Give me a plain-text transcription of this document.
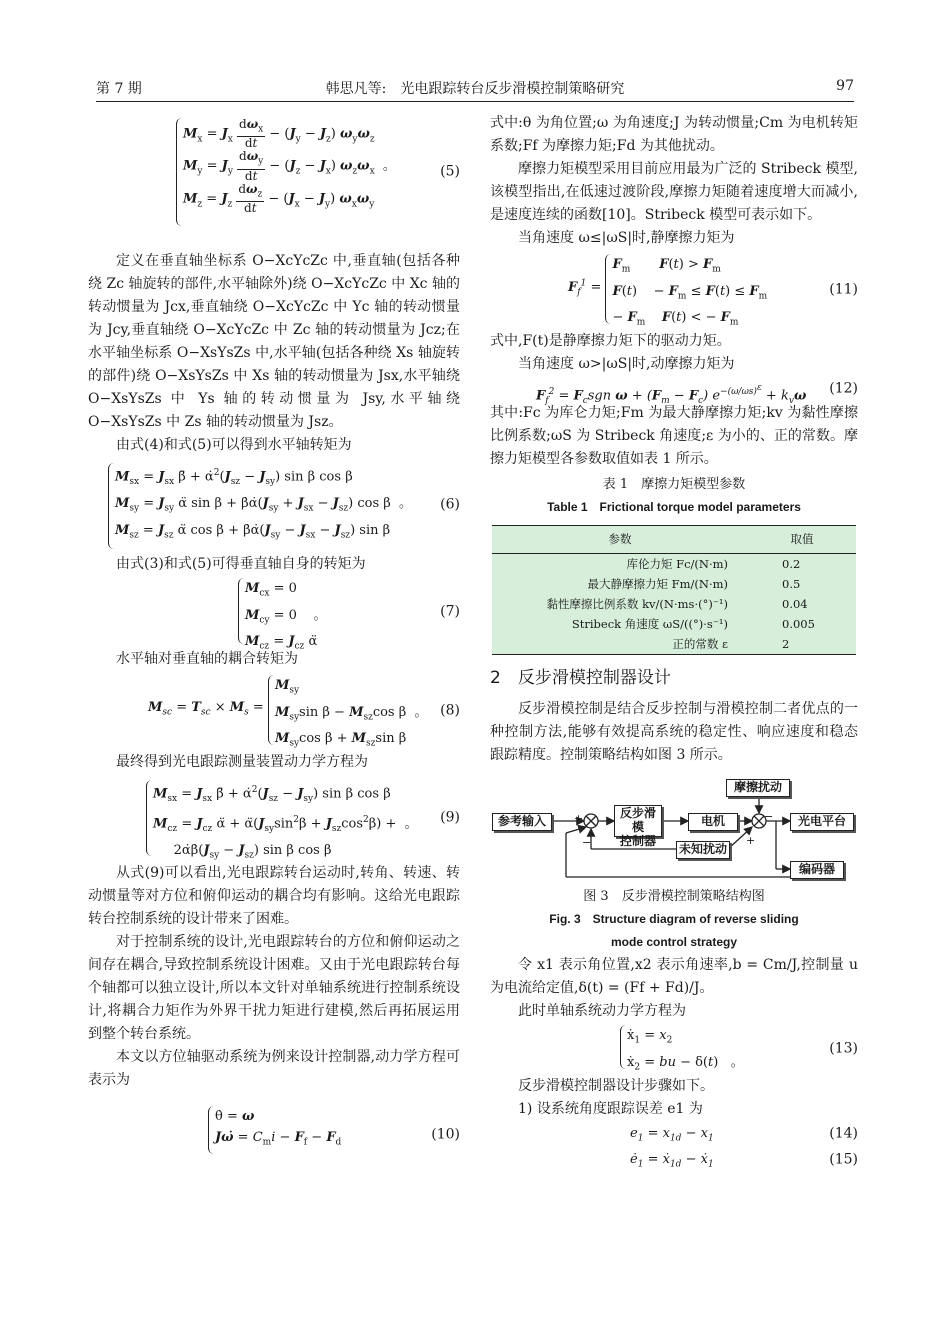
第 7 期	韩思凡等:　光电跟踪转台反步滑模控制策略研究	97
$M_x = J_x \frac{d\omega_x}{dt} - (J_y - J_z)$ $\omega_y\omega_z$
$M_y = J_y \frac{d\omega_y}{dt} - (J_z - J_x)$ $\omega_z\omega_x$ 。
$M_z = J_z \frac{d\omega_z}{dt} - (J_x - J_y)$ $\omega_x\omega_y$
(5)

定义在垂直轴坐标系 O−XcYcZc 中,垂直轴(包括各种绕 Zc 轴旋转的部件,水平轴除外)绕 O−XcYcZc 中 Xc 轴的转动惯量为 Jcx,垂直轴绕 O−XcYcZc 中 Yc 轴的转动惯量为 Jcy,垂直轴绕 O−XcYcZc 中 Zc 轴的转动惯量为 Jcz;在水平轴坐标系 O−XsYsZs 中,水平轴(包括各种绕 Xs 轴旋转的部件)绕 O−XsYsZs 中 Xs 轴的转动惯量为 Jsx,水平轴绕 O−XsYsZs 中 Ys 轴的转动惯量为 Jsy,水平轴绕 O−XsYsZs 中 Zs 轴的转动惯量为 Jsz。

由式(4)和式(5)可以得到水平轴转矩为

$M_{sx} = J_{sx}$ β̈ + $\alphȧ^2(J_{sz} - J_{sy})$ sin β cos β
$M_{sy} = J_{sy}$ α̈ $\sin \beta + \betȧ\alphȧ(J_{sy} + J_{sx} - J_{sz})$ cos β  。
$M_{sz} = J_{sz}$ α̈ $\cos \beta + \betȧ\alphȧ(J_{sy} - J_{sx} - J_{sz})$ sin β
(6)

由式(3)和式(5)可得垂直轴自身的转矩为

$M_{cx} = 0$
$M_{cy} = 0$    。
$M_{cz} = J_{cz}$ α̈
(7)

水平轴对垂直轴的耦合转矩为

$M_{sc} = T_{sc} \times M_s$ =
$M_{sy}$
$M_{sy}\sin$ $\beta - M_{sz}\cos$ β  。
$M_{sy}\cos$ $\beta + M_{sz}\sin$ β
(8)

最终得到光电跟踪测量装置动力学方程为

$M_{sx} = J_{sx}$ β̈ + $\alphȧ^2(J_{sz} - J_{sy})$ sin β cos β
$M_{cz} = J_{cz}$ α̈ + $\alphä(J_{sy}\sin^2\beta + J_{sz}\cos^2\beta)$ +  。
$2\alphȧ\betȧ(J_{sy} - J_{sz})$ sin β cos β
(9)

从式(9)可以看出,光电跟踪转台运动时,转角、转速、转动惯量等对方位和俯仰运动的耦合均有影响。这给光电跟踪转台控制系统的设计带来了困难。

对于控制系统的设计,光电跟踪转台的方位和俯仰运动之间存在耦合,导致控制系统设计困难。又由于光电跟踪转台每个轴都可以独立设计,所以本文针对单轴系统进行控制系统设计,将耦合力矩作为外界干扰力矩进行建模,然后再拓展运用到整个转台系统。

本文以方位轴驱动系统为例来设计控制器,动力学方程可表示为

θ̇ = ω
Jω̇ = $C_mi - F_f - F_d$
(10)

式中:θ 为角位置;ω 为角速度;J 为转动惯量;Cm 为电机转矩系数;Ff 为摩擦力矩;Fd 为其他扰动。

摩擦力矩模型采用目前应用最为广泛的 Stribeck 模型,该模型指出,在低速过渡阶段,摩擦力矩随着速度增大而减小,是速度连续的函数[10]。Stribeck 模型可表示如下。

当角速度 ω≤|ωS|时,静摩擦力矩为

$F_f^1$ =
$F_m$ $F(t) > F_m$
F(t)    − $F_m \le F(t) \le F_m$
− $F_m$ F(t) < − $F_m$
(11)

式中,F(t)是静摩擦力矩下的驱动力矩。

当角速度 ω>|ωS|时,动摩擦力矩为

$F_f^2 = F_csgn$ $\omega + (F_m - F_c) e^{-(\omega/\omega s)^\varepsilon} + k_v\omega$ (12)

其中:Fc 为库仑力矩;Fm 为最大静摩擦力矩;kv 为黏性摩擦比例系数;ωS 为 Stribeck 角速度;ε 为小的、正的常数。摩擦力矩模型各参数取值如表 1 所示。

表 1　摩擦力矩模型参数
Table 1　Frictional torque model parameters
参数	取值
库伦力矩 Fc/(N·m)	0.2
最大静摩擦力矩 Fm/(N·m)	0.5
黏性摩擦比例系数 kv/(N·ms·(°)⁻¹)	0.04
Stribeck 角速度 ωS/((°)·s⁻¹)	0.005
正的常数 ε	2
2　反步滑模控制器设计

反步滑模控制是结合反步控制与滑模控制二者优点的一种控制方法,能够有效提高系统的稳定性、响应速度和稳态跟踪精度。控制策略结构如图 3 所示。

参考输入
反步滑模
控制器
电机
摩擦扰动
未知扰动
光电平台
编码器
+
−	+
−
图 3　反步滑模控制策略结构图
Fig. 3　Structure diagram of reverse sliding
mode control strategy

令 x1 表示角位置,x2 表示角速率,b = Cm/J,控制量 u 为电流给定值,δ(t) = (Ff + Fd)/J。

此时单轴系统动力学方程为

ẋ$_1$ = $x_2$
ẋ$_2$ = bu − δ(t)   。
(13)

反步滑模控制器设计步骤如下。

1) 设系统角度跟踪误差 e1 为

$e_1 = x_{1d} - x_1$	(14)
$ė_1$ = ẋ$_{1d}$ − ẋ$_1$	(15)
